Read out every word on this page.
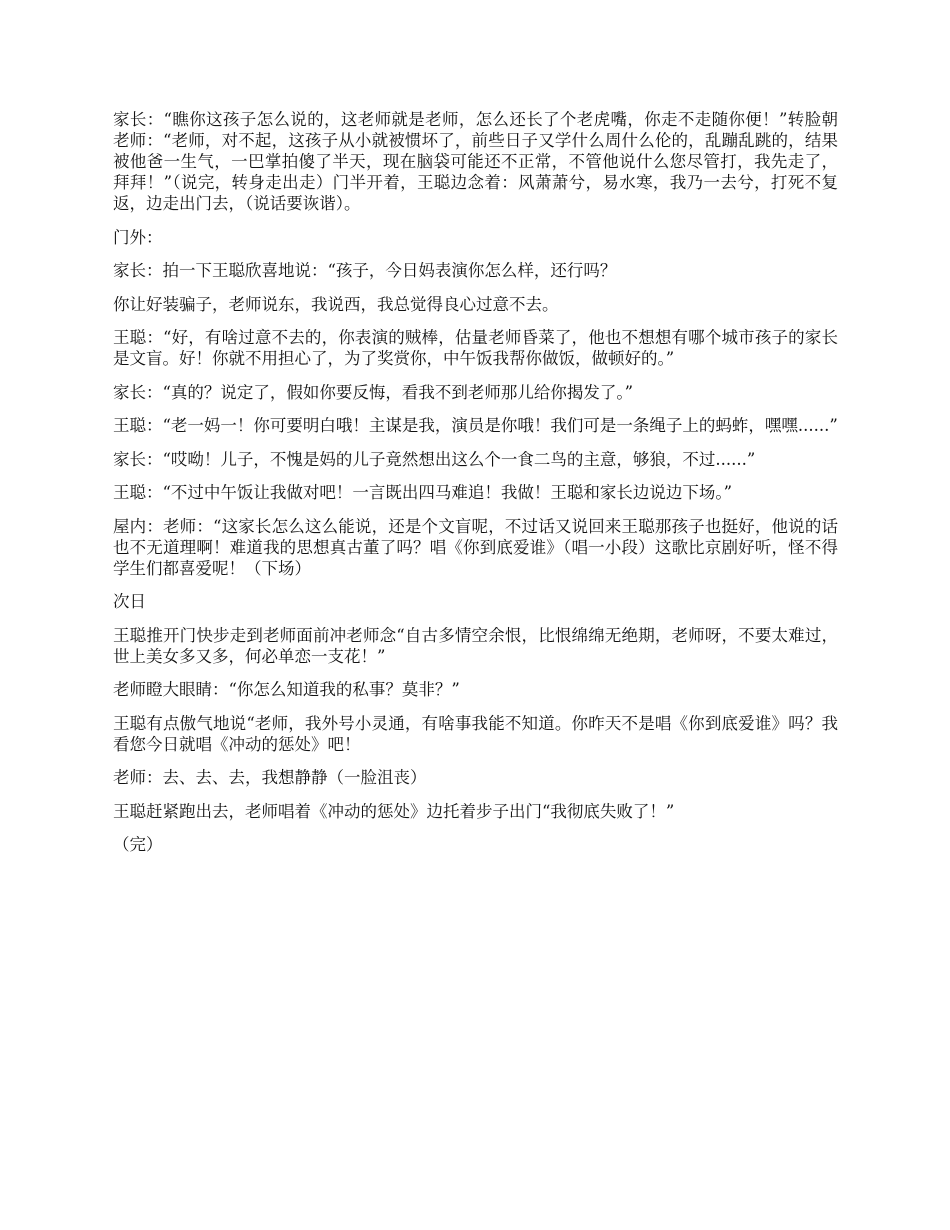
家长：“瞧你这孩子怎么说的，这老师就是老师，怎么还长了个老虎嘴，你走不走随你便！”转脸朝老师：“老师，对不起，这孩子从小就被惯坏了，前些日子又学什么周什么伦的，乱蹦乱跳的，结果被他爸一生气，一巴掌拍傻了半天，现在脑袋可能还不正常，不管他说什么您尽管打，我先走了，拜拜！”（说完，转身走出走）门半开着，王聪边念着：风萧萧兮，易水寒，我乃一去兮，打死不复返，边走出门去，（说话要诙谐）。

门外：

家长：拍一下王聪欣喜地说：“孩子，今日妈表演你怎么样，还行吗？

你让好装骗子，老师说东，我说西，我总觉得良心过意不去。

王聪：“好，有啥过意不去的，你表演的贼棒，估量老师昏菜了，他也不想想有哪个城市孩子的家长是文盲。好！你就不用担心了，为了奖赏你，中午饭我帮你做饭，做顿好的。”

家长：“真的？说定了，假如你要反悔，看我不到老师那儿给你揭发了。”

王聪：“老一妈一！你可要明白哦！主谋是我，演员是你哦！我们可是一条绳子上的蚂蚱，嘿嘿......”

家长：“哎呦！儿子，不愧是妈的儿子竟然想出这么个一食二鸟的主意，够狼，不过......”

王聪：“不过中午饭让我做对吧！一言既出四马难追！我做！王聪和家长边说边下场。”

屋内：老师：“这家长怎么这么能说，还是个文盲呢，不过话又说回来王聪那孩子也挺好，他说的话也不无道理啊！难道我的思想真古董了吗？唱《你到底爱谁》（唱一小段）这歌比京剧好听，怪不得学生们都喜爱呢！（下场）

次日

王聪推开门快步走到老师面前冲老师念“自古多情空余恨，比恨绵绵无绝期，老师呀，不要太难过，世上美女多又多，何必单恋一支花！”

老师瞪大眼睛：“你怎么知道我的私事？莫非？”

王聪有点傲气地说“老师，我外号小灵通，有啥事我能不知道。你昨天不是唱《你到底爱谁》吗？我看您今日就唱《冲动的惩处》吧！

老师：去、去、去，我想静静（一脸沮丧）

王聪赶紧跑出去，老师唱着《冲动的惩处》边托着步子出门“我彻底失败了！”

（完）
